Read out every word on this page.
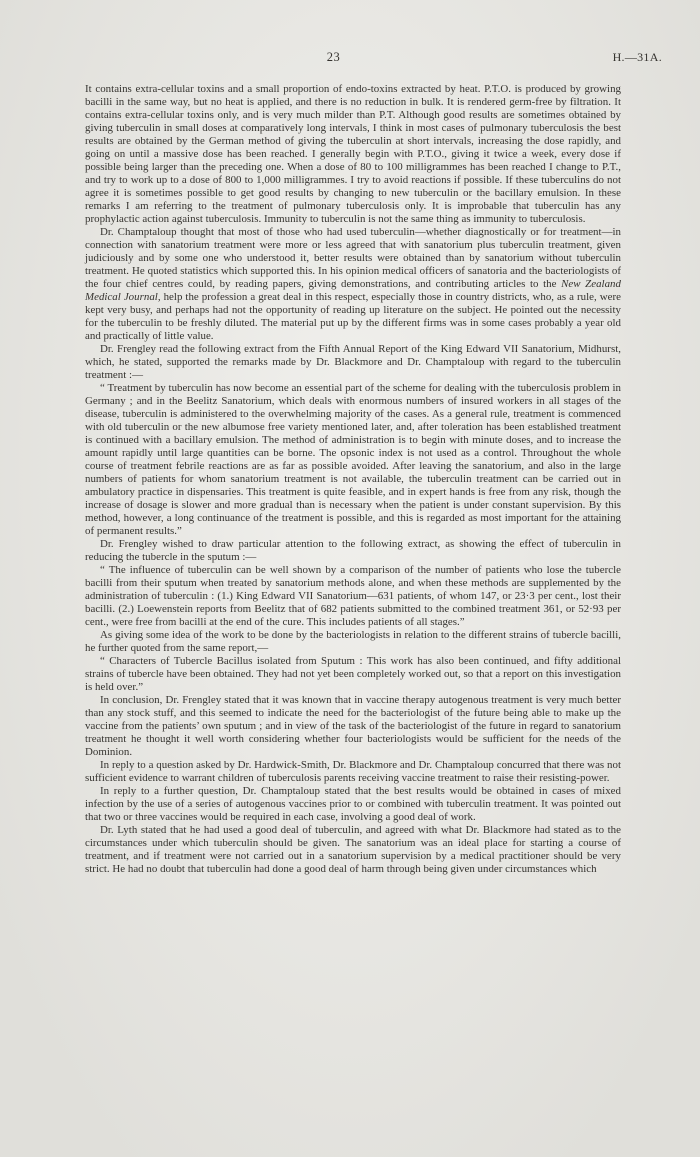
23	H.—31A.

It contains extra-cellular toxins and a small proportion of endo-toxins extracted by heat. P.T.O. is produced by growing bacilli in the same way, but no heat is applied, and there is no reduction in bulk. It is rendered germ-free by filtration. It contains extra-cellular toxins only, and is very much milder than P.T. Although good results are sometimes obtained by giving tuberculin in small doses at comparatively long intervals, I think in most cases of pulmonary tuberculosis the best results are obtained by the German method of giving the tuberculin at short intervals, increasing the dose rapidly, and going on until a massive dose has been reached. I generally begin with P.T.O., giving it twice a week, every dose if possible being larger than the preceding one. When a dose of 80 to 100 milligrammes has been reached I change to P.T., and try to work up to a dose of 800 to 1,000 milligrammes. I try to avoid reactions if possible. If these tuberculins do not agree it is sometimes possible to get good results by changing to new tuberculin or the bacillary emulsion. In these remarks I am referring to the treatment of pulmonary tuberculosis only. It is improbable that tuberculin has any prophylactic action against tuberculosis. Immunity to tuberculin is not the same thing as immunity to tuberculosis.

Dr. Champtaloup thought that most of those who had used tuberculin—whether diagnostically or for treatment—in connection with sanatorium treatment were more or less agreed that with sanatorium plus tuberculin treatment, given judiciously and by some one who understood it, better results were obtained than by sanatorium without tuberculin treatment. He quoted statistics which supported this. In his opinion medical officers of sanatoria and the bacteriologists of the four chief centres could, by reading papers, giving demonstrations, and contributing articles to the New Zealand Medical Journal, help the profession a great deal in this respect, especially those in country districts, who, as a rule, were kept very busy, and perhaps had not the opportunity of reading up literature on the subject. He pointed out the necessity for the tuberculin to be freshly diluted. The material put up by the different firms was in some cases probably a year old and practically of little value.

Dr. Frengley read the following extract from the Fifth Annual Report of the King Edward VII Sanatorium, Midhurst, which, he stated, supported the remarks made by Dr. Blackmore and Dr. Champtaloup with regard to the tuberculin treatment :—

“ Treatment by tuberculin has now become an essential part of the scheme for dealing with the tuberculosis problem in Germany ; and in the Beelitz Sanatorium, which deals with enormous numbers of insured workers in all stages of the disease, tuberculin is administered to the overwhelming majority of the cases. As a general rule, treatment is commenced with old tuberculin or the new albumose free variety mentioned later, and, after toleration has been established treatment is continued with a bacillary emulsion. The method of administration is to begin with minute doses, and to increase the amount rapidly until large quantities can be borne. The opsonic index is not used as a control. Throughout the whole course of treatment febrile reactions are as far as possible avoided. After leaving the sanatorium, and also in the large numbers of patients for whom sanatorium treatment is not available, the tuberculin treatment can be carried out in ambulatory practice in dispensaries. This treatment is quite feasible, and in expert hands is free from any risk, though the increase of dosage is slower and more gradual than is necessary when the patient is under constant supervision. By this method, however, a long continuance of the treatment is possible, and this is regarded as most important for the attaining of permanent results.”

Dr. Frengley wished to draw particular attention to the following extract, as showing the effect of tuberculin in reducing the tubercle in the sputum :—

“ The influence of tuberculin can be well shown by a comparison of the number of patients who lose the tubercle bacilli from their sputum when treated by sanatorium methods alone, and when these methods are supplemented by the administration of tuberculin : (1.) King Edward VII Sanatorium—631 patients, of whom 147, or 23·3 per cent., lost their bacilli. (2.) Loewenstein reports from Beelitz that of 682 patients submitted to the combined treatment 361, or 52·93 per cent., were free from bacilli at the end of the cure. This includes patients of all stages.”

As giving some idea of the work to be done by the bacteriologists in relation to the different strains of tubercle bacilli, he further quoted from the same report,—

“ Characters of Tubercle Bacillus isolated from Sputum : This work has also been continued, and fifty additional strains of tubercle have been obtained. They had not yet been completely worked out, so that a report on this investigation is held over.”

In conclusion, Dr. Frengley stated that it was known that in vaccine therapy autogenous treatment is very much better than any stock stuff, and this seemed to indicate the need for the bacteriologist of the future being able to make up the vaccine from the patients’ own sputum ; and in view of the task of the bacteriologist of the future in regard to sanatorium treatment he thought it well worth considering whether four bacteriologists would be sufficient for the needs of the Dominion.

In reply to a question asked by Dr. Hardwick-Smith, Dr. Blackmore and Dr. Champtaloup concurred that there was not sufficient evidence to warrant children of tuberculosis parents receiving vaccine treatment to raise their resisting-power.

In reply to a further question, Dr. Champtaloup stated that the best results would be obtained in cases of mixed infection by the use of a series of autogenous vaccines prior to or combined with tuberculin treatment. It was pointed out that two or three vaccines would be required in each case, involving a good deal of work.

Dr. Lyth stated that he had used a good deal of tuberculin, and agreed with what Dr. Blackmore had stated as to the circumstances under which tuberculin should be given. The sanatorium was an ideal place for starting a course of treatment, and if treatment were not carried out in a sanatorium supervision by a medical practitioner should be very strict. He had no doubt that tuberculin had done a good deal of harm through being given under circumstances which
